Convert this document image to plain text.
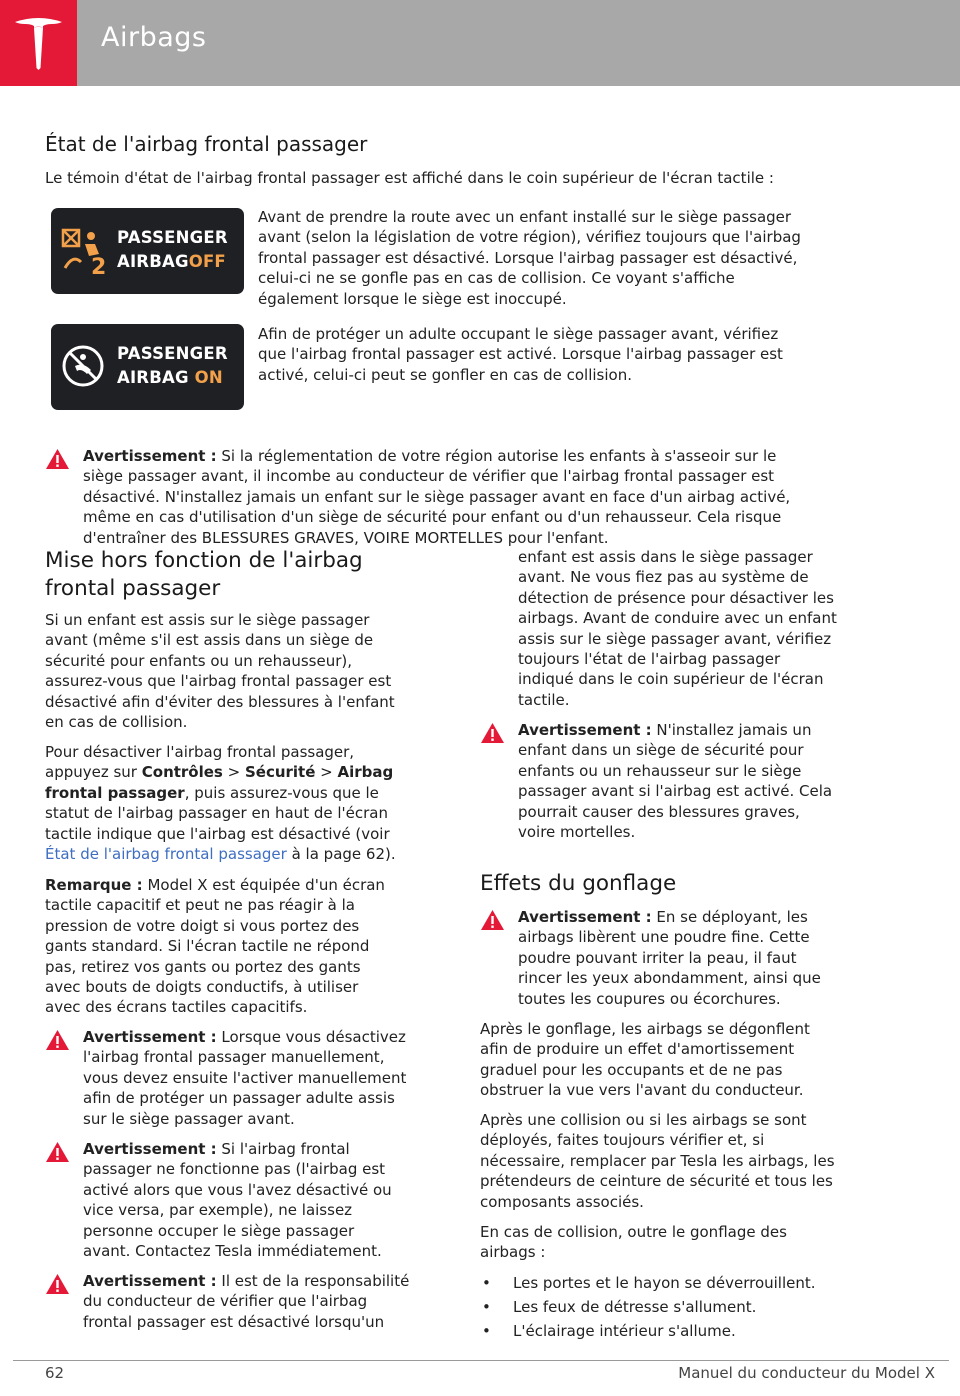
Airbags
État de l'airbag frontal passager
Le témoin d'état de l'airbag frontal passager est affiché dans le coin supérieur de l'écran tactile :
2
PASSENGER
AIRBAGOFF
Avant de prendre la route avec un enfant installé sur le siège passager
avant (selon la législation de votre région), vérifiez toujours que l'airbag
frontal passager est désactivé. Lorsque l'airbag passager est désactivé,
celui-ci ne se gonfle pas en cas de collision. Ce voyant s'affiche
également lorsque le siège est inoccupé.
PASSENGER
AIRBAG ON
Afin de protéger un adulte occupant le siège passager avant, vérifiez
que l'airbag frontal passager est activé. Lorsque l'airbag passager est
activé, celui-ci peut se gonfler en cas de collision.
Avertissement : Si la réglementation de votre région autorise les enfants à s'asseoir sur le
siège passager avant, il incombe au conducteur de vérifier que l'airbag frontal passager est
désactivé. N'installez jamais un enfant sur le siège passager avant en face d'un airbag activé,
même en cas d'utilisation d'un siège de sécurité pour enfant ou d'un rehausseur. Cela risque
d'entraîner des BLESSURES GRAVES, VOIRE MORTELLES pour l'enfant.
Mise hors fonction de l'airbag
frontal passager
Si un enfant est assis sur le siège passager
avant (même s'il est assis dans un siège de
sécurité pour enfants ou un rehausseur),
assurez-vous que l'airbag frontal passager est
désactivé afin d'éviter des blessures à l'enfant
en cas de collision.
Pour désactiver l'airbag frontal passager,
appuyez sur Contrôles > Sécurité > Airbag
frontal passager, puis assurez-vous que le
statut de l'airbag passager en haut de l'écran
tactile indique que l'airbag est désactivé (voir
État de l'airbag frontal passager à la page 62).
Remarque : Model X est équipée d'un écran
tactile capacitif et peut ne pas réagir à la
pression de votre doigt si vous portez des
gants standard. Si l'écran tactile ne répond
pas, retirez vos gants ou portez des gants
avec bouts de doigts conductifs, à utiliser
avec des écrans tactiles capacitifs.
Avertissement : Lorsque vous désactivez
l'airbag frontal passager manuellement,
vous devez ensuite l'activer manuellement
afin de protéger un passager adulte assis
sur le siège passager avant.
Avertissement : Si l'airbag frontal
passager ne fonctionne pas (l'airbag est
activé alors que vous l'avez désactivé ou
vice versa, par exemple), ne laissez
personne occuper le siège passager
avant. Contactez Tesla immédiatement.
Avertissement : Il est de la responsabilité
du conducteur de vérifier que l'airbag
frontal passager est désactivé lorsqu'un
enfant est assis dans le siège passager
avant. Ne vous fiez pas au système de
détection de présence pour désactiver les
airbags. Avant de conduire avec un enfant
assis sur le siège passager avant, vérifiez
toujours l'état de l'airbag passager
indiqué dans le coin supérieur de l'écran
tactile.
Avertissement : N'installez jamais un
enfant dans un siège de sécurité pour
enfants ou un rehausseur sur le siège
passager avant si l'airbag est activé. Cela
pourrait causer des blessures graves,
voire mortelles.
Effets du gonflage
Avertissement : En se déployant, les
airbags libèrent une poudre fine. Cette
poudre pouvant irriter la peau, il faut
rincer les yeux abondamment, ainsi que
toutes les coupures ou écorchures.
Après le gonflage, les airbags se dégonflent
afin de produire un effet d'amortissement
graduel pour les occupants et de ne pas
obstruer la vue vers l'avant du conducteur.
Après une collision ou si les airbags se sont
déployés, faites toujours vérifier et, si
nécessaire, remplacer par Tesla les airbags, les
prétendeurs de ceinture de sécurité et tous les
composants associés.
En cas de collision, outre le gonflage des
airbags :
• Les portes et le hayon se déverrouillent.
• Les feux de détresse s'allument.
• L'éclairage intérieur s'allume.
62	Manuel du conducteur du Model X
